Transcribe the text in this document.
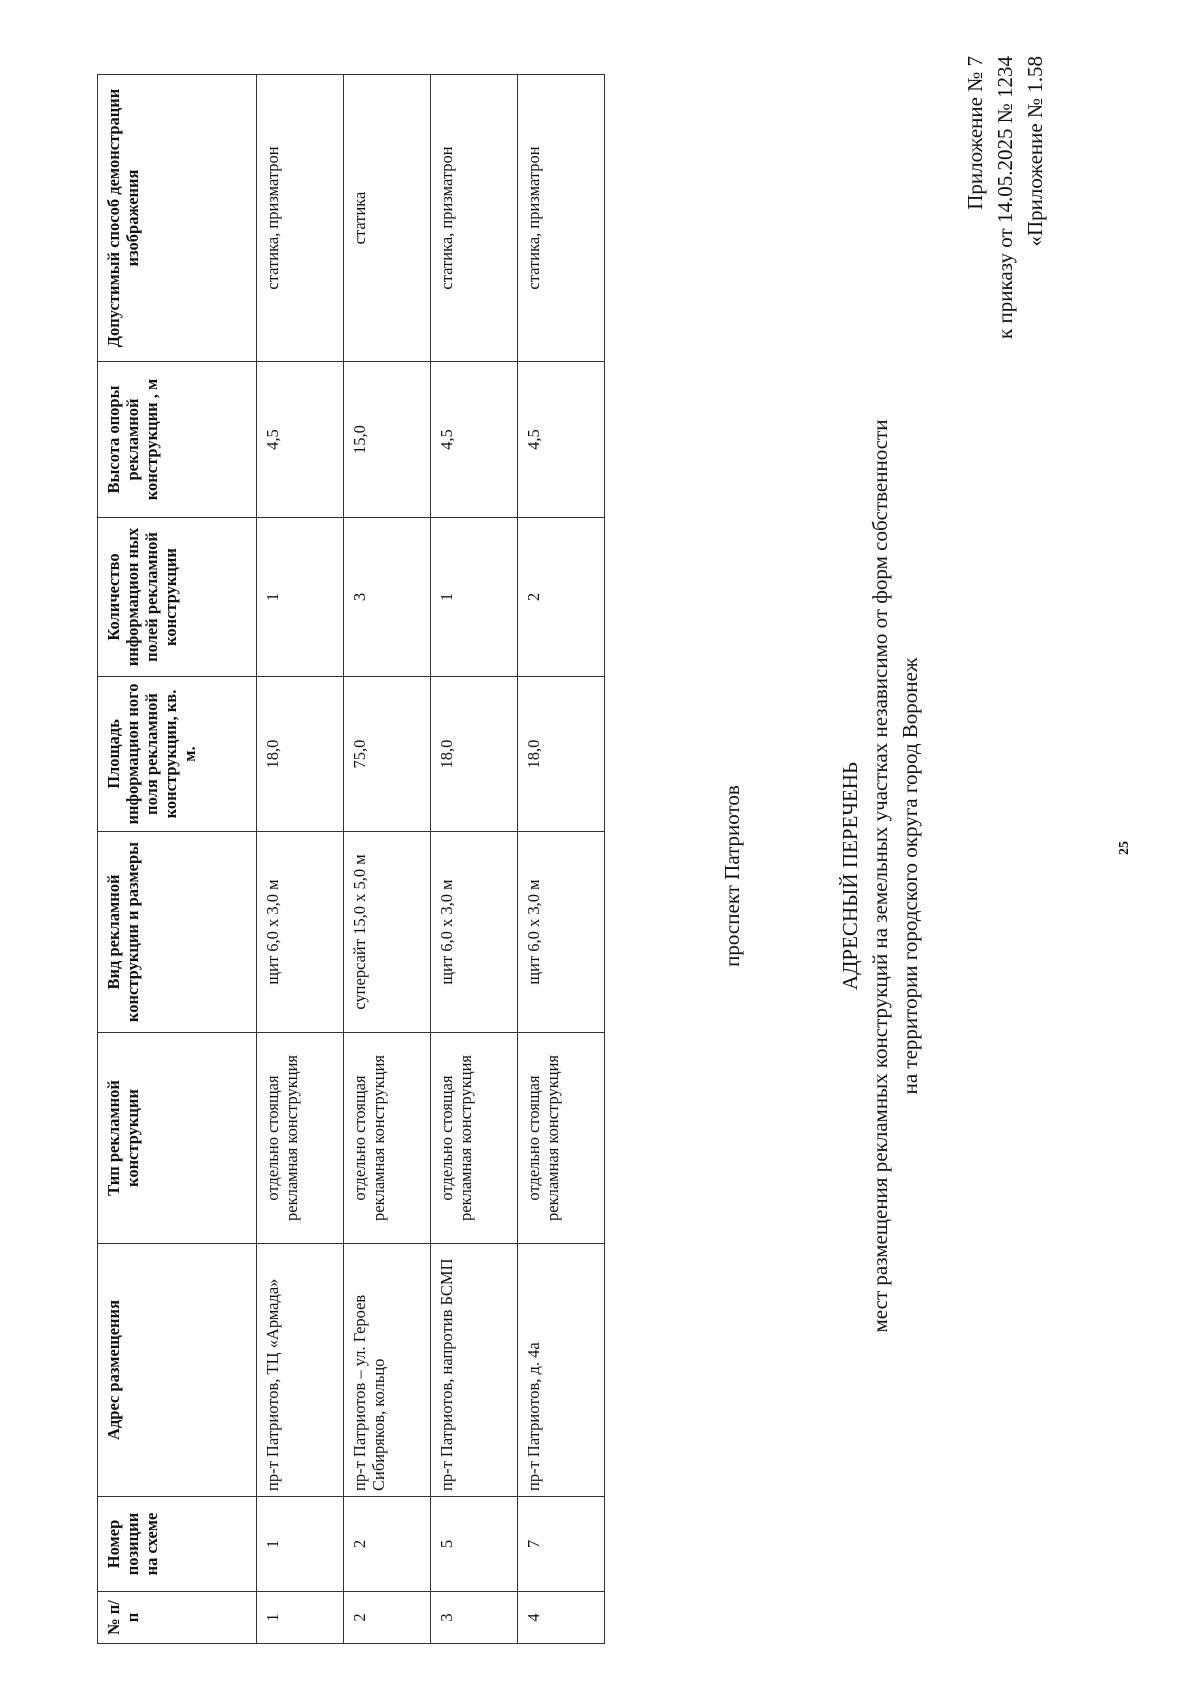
25
Приложение № 7 к приказу от 14.05.2025 № 1234 «Приложение № 1.58
АДРЕСНЫЙ ПЕРЕЧЕНЬ мест размещения рекламных конструкций на земельных участках независимо от форм собственности на территории городского округа город Воронеж
проспект Патриотов
№ п/п	Номер позиции на схеме	Адрес размещения	Тип рекламной конструкции	Вид рекламной конструкции и размеры	Площадь информацион ного поля рекламной конструкции, кв. м.	Количество информацион ных полей рекламной конструкции	Высота опоры рекламной конструкции , м	Допустимый способ демонстрации изображения
1	1	пр-т Патриотов, ТЦ «Армада»	отдельно стоящая рекламная конструкция	щит 6,0 х 3,0 м	18,0	1	4,5	статика, призматрон
2	2	пр-т Патриотов – ул. Героев Сибиряков, кольцо	отдельно стоящая рекламная конструкция	суперсайт 15,0 х 5,0 м	75,0	3	15,0	статика
3	5	пр-т Патриотов, напротив БСМП	отдельно стоящая рекламная конструкция	щит 6,0 х 3,0 м	18,0	1	4,5	статика, призматрон
4	7	пр-т Патриотов, д. 4а	отдельно стоящая рекламная конструкция	щит 6,0 х 3,0 м	18,0	2	4,5	статика, призматрон
